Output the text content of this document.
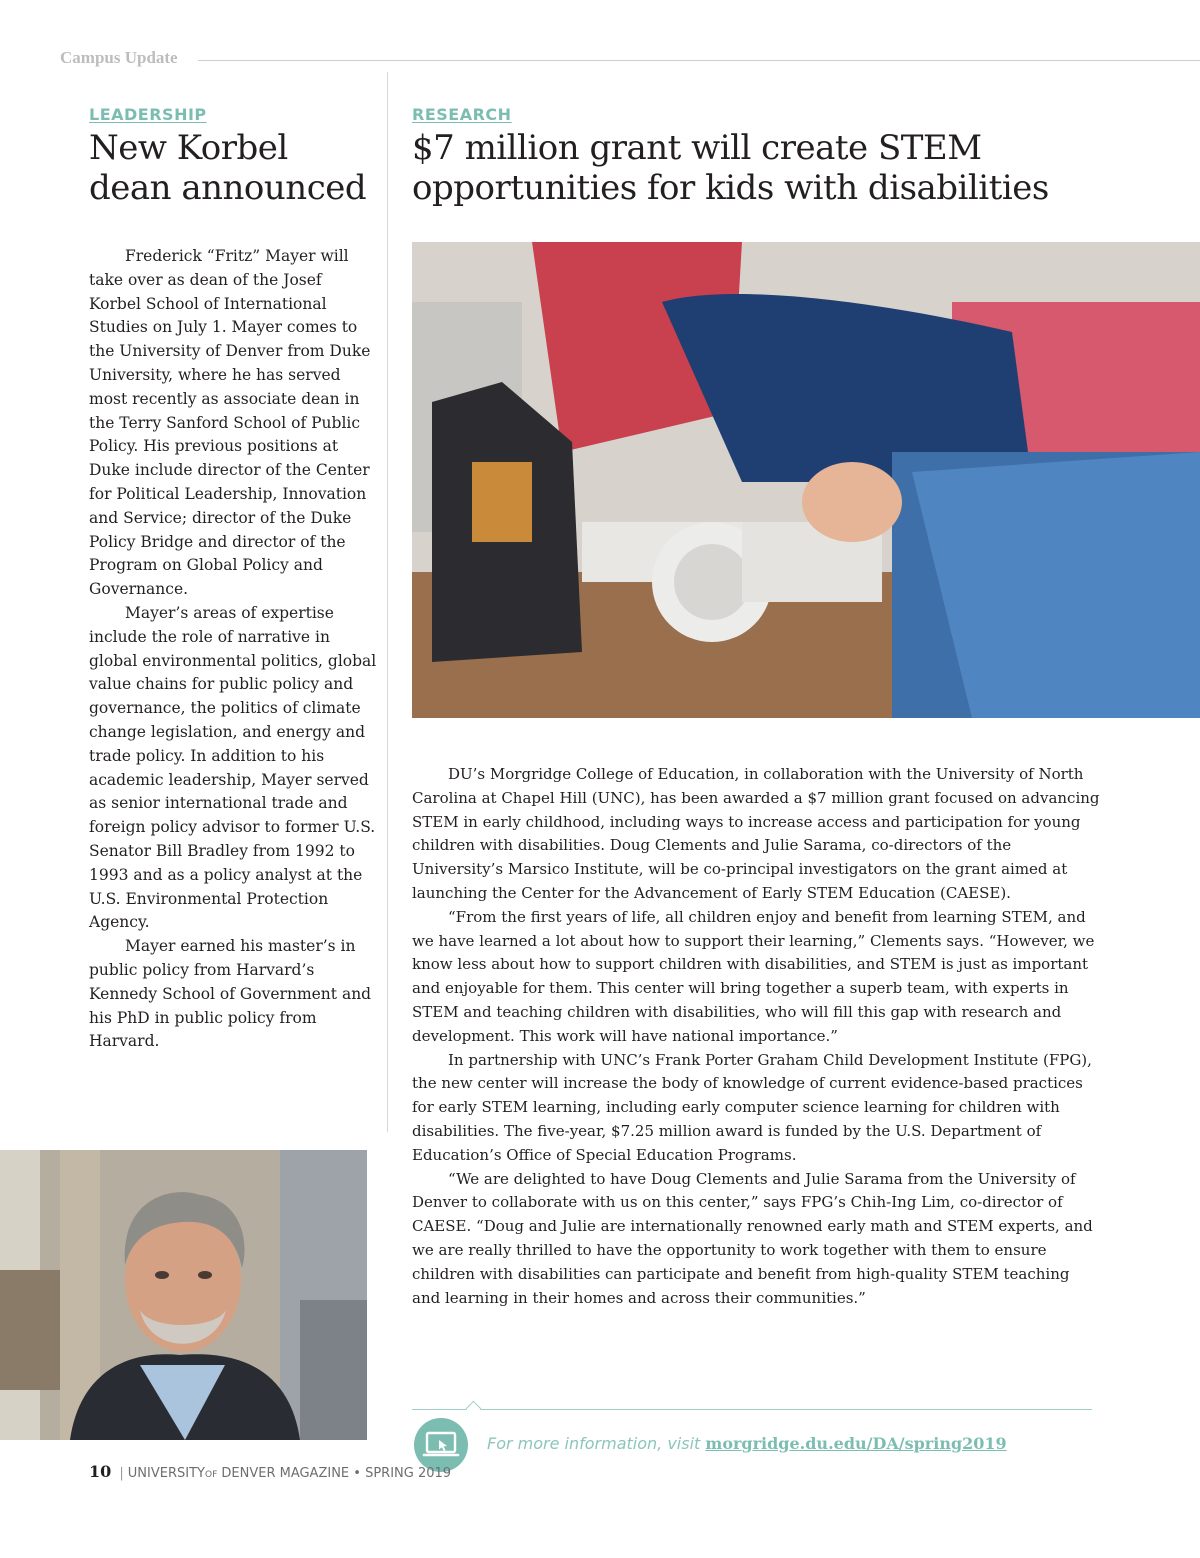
Campus Update
LEADERSHIP
New Korbel
dean announced

Frederick “Fritz” Mayer will take over as dean of the Josef Korbel School of International Studies on July 1. Mayer comes to the University of Denver from Duke University, where he has served most recently as associate dean in the Terry Sanford School of Public Policy. His previous positions at Duke include director of the Center for Political Leadership, Innovation and Service; director of the Duke Policy Bridge and director of the Program on Global Policy and Governance.

Mayer’s areas of expertise include the role of narrative in global environmental politics, global value chains for public policy and governance, the politics of climate change legislation, and energy and trade policy. In addition to his academic leadership, Mayer served as senior international trade and foreign policy advisor to former U.S. Senator Bill Bradley from 1992 to 1993 and as a policy analyst at the U.S. Environmental Protection Agency.

Mayer earned his master’s in public policy from Harvard’s Kennedy School of Government and his PhD in public policy from Harvard.

RESEARCH
$7 million grant will create STEM
opportunities for kids with disabilities

DU’s Morgridge College of Education, in collaboration with the University of North Carolina at Chapel Hill (UNC), has been awarded a $7 million grant focused on advancing STEM in early childhood, including ways to increase access and participation for young children with disabilities. Doug Clements and Julie Sarama, co-directors of the University’s Marsico Institute, will be co-principal investigators on the grant aimed at launching the Center for the Advancement of Early STEM Education (CAESE).

“From the first years of life, all children enjoy and benefit from learning STEM, and we have learned a lot about how to support their learning,” Clements says. “However, we know less about how to support children with disabilities, and STEM is just as important and enjoyable for them. This center will bring together a superb team, with experts in STEM and teaching children with disabilities, who will fill this gap with research and development. This work will have national importance.”

In partnership with UNC’s Frank Porter Graham Child Development Institute (FPG), the new center will increase the body of knowledge of current evidence-based practices for early STEM learning, including early computer science learning for children with disabilities. The five-year, $7.25 million award is funded by the U.S. Department of Education’s Office of Special Education Programs.

“We are delighted to have Doug Clements and Julie Sarama from the University of Denver to collaborate with us on this center,” says FPG’s Chih-Ing Lim, co-director of CAESE. “Doug and Julie are internationally renowned early math and STEM experts, and we are really thrilled to have the opportunity to work together with them to ensure children with disabilities can participate and benefit from high-quality STEM teaching and learning in their homes and across their communities.”

For more information, visit morgridge.du.edu/DA/spring2019
10 | UNIVERSITYOF DENVER MAGAZINE • SPRING 2019
